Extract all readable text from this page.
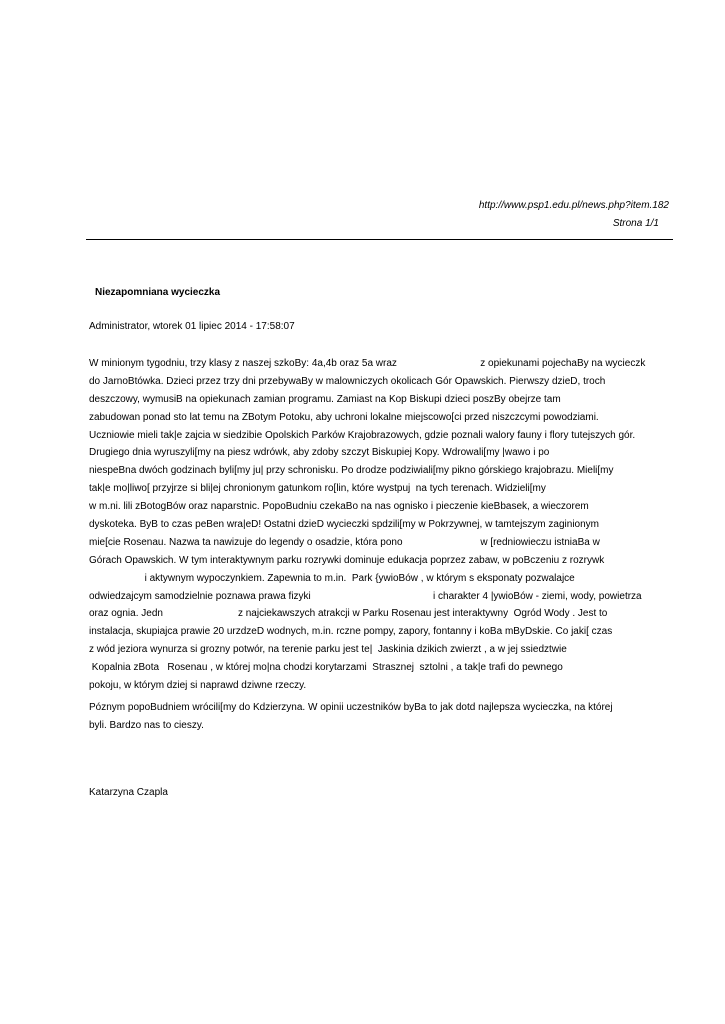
http://www.psp1.edu.pl/news.php?item.182
Strona 1/1
Niezapomniana wycieczka
Administrator, wtorek 01 lipiec 2014 - 17:58:07
W minionym tygodniu, trzy klasy z naszej szkoBy: 4a,4b oraz 5a wraz                              z opiekunami pojechaBy na wycieczk
do JarnoBtówka. Dzieci przez trzy dni przebywaBy w malowniczych okolicach Gór Opawskich. Pierwszy dzieD, troch
deszczowy, wymusiB na opiekunach zamian programu. Zamiast na Kop Biskupi dzieci poszBy obejrze tam
zabudowan ponad sto lat temu na ZBotym Potoku, aby uchroni lokalne miejscowo[ci przed niszczcymi powodziami.
Uczniowie mieli tak|e zajcia w siedzibie Opolskich Parków Krajobrazowych, gdzie poznali walory fauny i flory tutejszych gór.
Drugiego dnia wyruszyli[my na piesz wdrówk, aby zdoby szczyt Biskupiej Kopy. Wdrowali[my |wawo i po
niespeBna dwóch godzinach byli[my ju| przy schronisku. Po drodze podziwiali[my pikno górskiego krajobrazu. Mieli[my
tak|e mo|liwo[ przyjrze si bli|ej chronionym gatunkom ro[lin, które wystpuj  na tych terenach. Widzieli[my
w m.ni. lili zBotogBów oraz naparstnic. PopoBudniu czekaBo na nas ognisko i pieczenie kieBbasek, a wieczorem
dyskoteka. ByB to czas peBen wra|eD! Ostatni dzieD wycieczki spdzili[my w Pokrzywnej, w tamtejszym zaginionym
mie[cie Rosenau. Nazwa ta nawizuje do legendy o osadzie, która pono                            w [redniowieczu istniaBa w
Górach Opawskich. W tym interaktywnym parku rozrywki dominuje edukacja poprzez zabaw, w poBczeniu z rozrywk
i aktywnym wypoczynkiem. Zapewnia to m.in.  Park {ywioBów , w którym s eksponaty pozwalajce
odwiedzajcym samodzielnie poznawa prawa fizyki                                            i charakter 4 |ywioBów - ziemi, wody, powietrza
oraz ognia. Jedn                           z najciekawszych atrakcji w Parku Rosenau jest interaktywny  Ogród Wody . Jest to
instalacja, skupiajca prawie 20 urzdzeD wodnych, m.in. rczne pompy, zapory, fontanny i koBa mByDskie. Co jaki[ czas
z wód jeziora wynurza si grozny potwór, na terenie parku jest te|  Jaskinia dzikich zwierzt , a w jej ssiedztwie
Kopalnia zBota   Rosenau , w której mo|na chodzi korytarzami  Strasznej  sztolni , a tak|e trafi do pewnego
pokoju, w którym dziej si naprawd dziwne rzeczy.
Póznym popoBudniem wrócili[my do Kdzierzyna. W opinii uczestników byBa to jak dotd najlepsza wycieczka, na której
byli. Bardzo nas to cieszy.
Katarzyna Czapla
